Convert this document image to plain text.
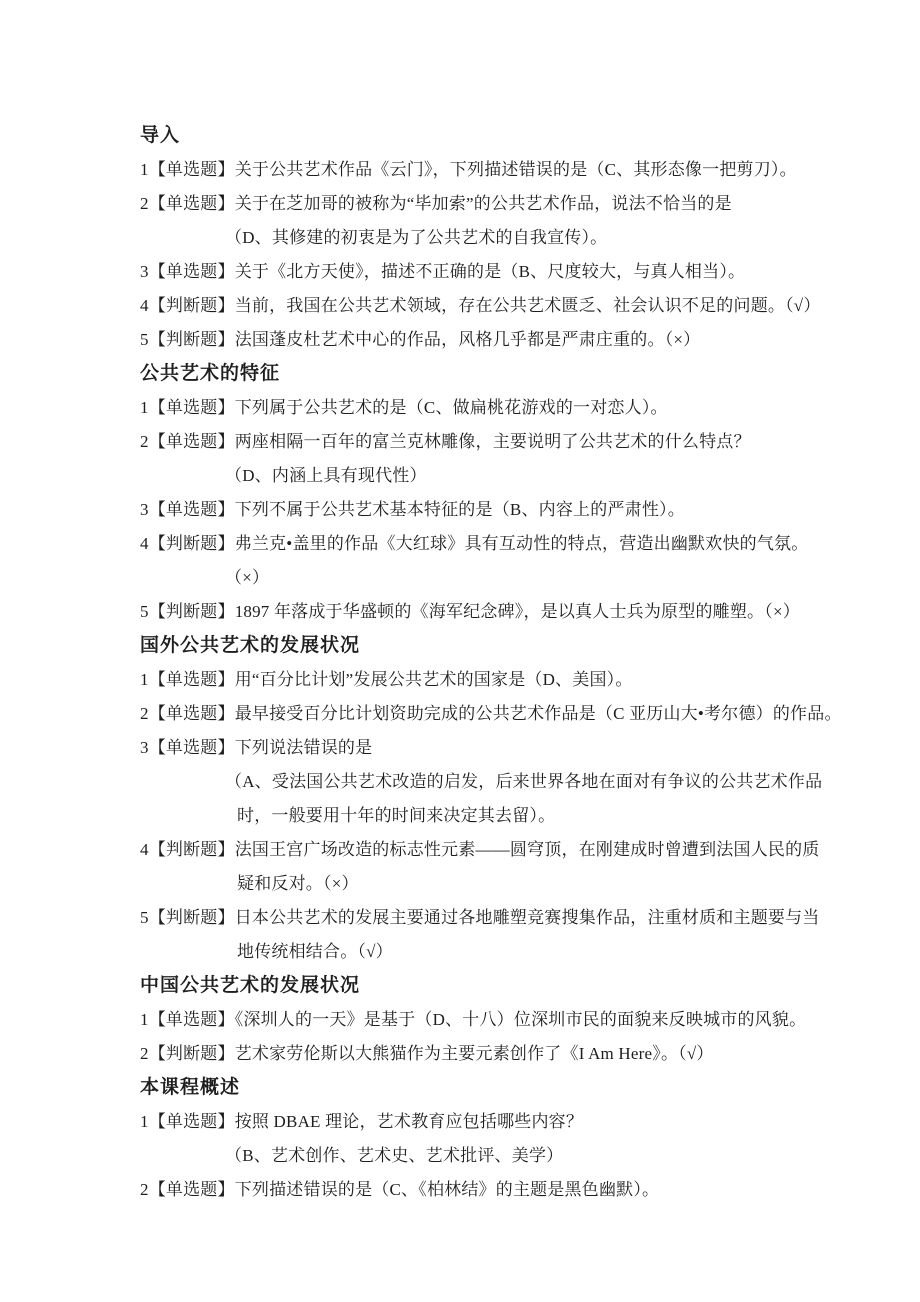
导入
1【单选题】关于公共艺术作品《云门》，下列描述错误的是（C、其形态像一把剪刀）。
2【单选题】关于在芝加哥的被称为“毕加索”的公共艺术作品，说法不恰当的是
（D、其修建的初衷是为了公共艺术的自我宣传）。
3【单选题】关于《北方天使》，描述不正确的是（B、尺度较大，与真人相当）。
4【判断题】当前，我国在公共艺术领域，存在公共艺术匮乏、社会认识不足的问题。（√）
5【判断题】法国蓬皮杜艺术中心的作品，风格几乎都是严肃庄重的。（×）
公共艺术的特征
1【单选题】下列属于公共艺术的是（C、做扁桃花游戏的一对恋人）。
2【单选题】两座相隔一百年的富兰克林雕像，主要说明了公共艺术的什么特点？
（D、内涵上具有现代性）
3【单选题】下列不属于公共艺术基本特征的是（B、内容上的严肃性）。
4【判断题】弗兰克•盖里的作品《大红球》具有互动性的特点，营造出幽默欢快的气氛。
（×）
5【判断题】1897 年落成于华盛顿的《海军纪念碑》，是以真人士兵为原型的雕塑。（×）
国外公共艺术的发展状况
1【单选题】用“百分比计划”发展公共艺术的国家是（D、美国）。
2【单选题】最早接受百分比计划资助完成的公共艺术作品是（C 亚历山大•考尔德）的作品。
3【单选题】下列说法错误的是
（A、受法国公共艺术改造的启发，后来世界各地在面对有争议的公共艺术作品
时，一般要用十年的时间来决定其去留）。
4【判断题】法国王宫广场改造的标志性元素——圆穹顶，在刚建成时曾遭到法国人民的质
疑和反对。（×）
5【判断题】日本公共艺术的发展主要通过各地雕塑竞赛搜集作品，注重材质和主题要与当
地传统相结合。（√）
中国公共艺术的发展状况
1【单选题】《深圳人的一天》是基于（D、十八）位深圳市民的面貌来反映城市的风貌。
2【判断题】艺术家劳伦斯以大熊猫作为主要元素创作了《I Am Here》。（√）
本课程概述
1【单选题】按照 DBAE 理论，艺术教育应包括哪些内容？
（B、艺术创作、艺术史、艺术批评、美学）
2【单选题】下列描述错误的是（C、《柏林结》的主题是黑色幽默）。
